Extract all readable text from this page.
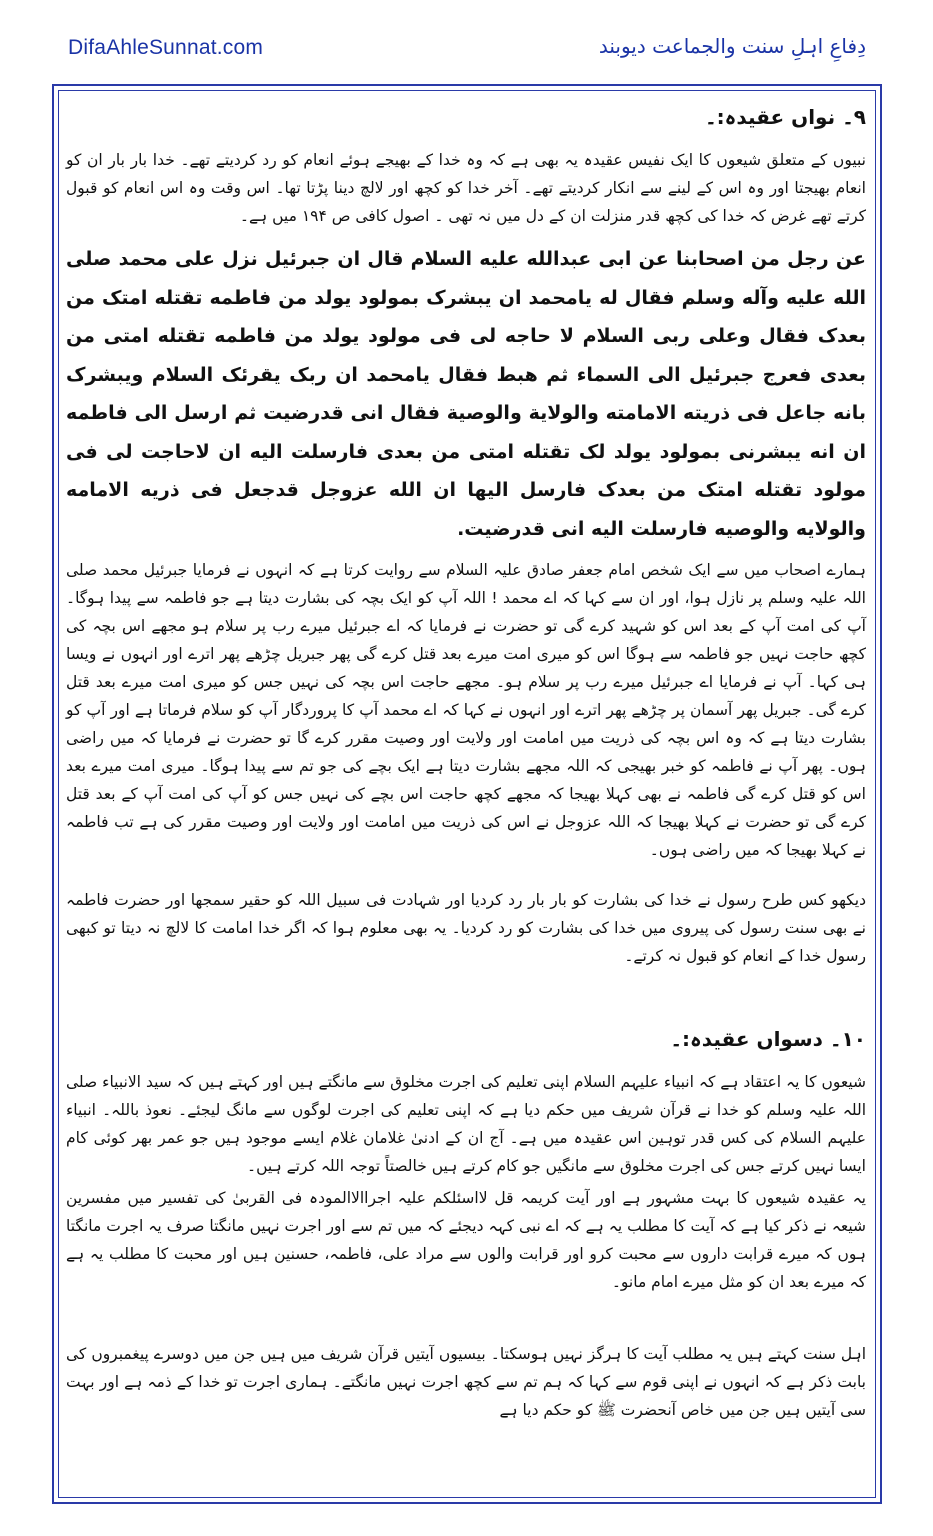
DifaAhleSunnat.com	دِفاعِ اہلِ سنت والجماعت دیوبند
۹۔ نواں عقیدہ:۔

نبیوں کے متعلق شیعوں کا ایک نفیس عقیدہ یہ بھی ہے کہ وہ خدا کے بھیجے ہوئے انعام کو رد کردیتے تھے۔ خدا بار بار ان کو انعام بھیجتا اور وہ اس کے لینے سے انکار کردیتے تھے۔ آخر خدا کو کچھ اور لالچ دینا پڑتا تھا۔ اس وقت وہ اس انعام کو قبول کرتے تھے غرض کہ خدا کی کچھ قدر منزلت ان کے دل میں نہ تھی ۔ اصول کافی ص ۱۹۴ میں ہے۔

عن رجل من اصحابنا عن ابی عبدالله علیه السلام قال ان جبرئیل نزل علی محمد صلی الله علیه وآله وسلم فقال له یامحمد ان یبشرک بمولود یولد من فاطمه تقتله امتک من بعدک فقال وعلی ربی السلام لا حاجه لی فی مولود یولد من فاطمه تقتله امتی من بعدی فعرج جبرئیل الی السماء ثم هبط فقال یامحمد ان ربک یقرئک السلام ویبشرک بانه جاعل فی ذریته الامامته والولایة والوصیة فقال انی قدرضیت ثم ارسل الی فاطمه ان انه یبشرنی بمولود یولد لک تقتله امتی من بعدی فارسلت الیه ان لاحاجت لی فی مولود تقتله امتک من بعدک فارسل الیها ان الله عزوجل قدجعل فی ذریه الامامه والولایه والوصیه فارسلت الیه انی قدرضیت.

ہمارے اصحاب میں سے ایک شخص امام جعفر صادق علیہ السلام سے روایت کرتا ہے کہ انہوں نے فرمایا جبرئیل محمد صلی اللہ علیہ وسلم پر نازل ہوا، اور ان سے کہا کہ اے محمد ! اللہ آپ کو ایک بچہ کی بشارت دیتا ہے جو فاطمہ سے پیدا ہوگا۔ آپ کی امت آپ کے بعد اس کو شہید کرے گی تو حضرت نے فرمایا کہ اے جبرئیل میرے رب پر سلام ہو مجھے اس بچہ کی کچھ حاجت نہیں جو فاطمہ سے ہوگا اس کو میری امت میرے بعد قتل کرے گی پھر جبریل چڑھے پھر اترے اور انہوں نے ویسا ہی کہا۔ آپ نے فرمایا اے جبرئیل میرے رب پر سلام ہو۔ مجھے حاجت اس بچہ کی نہیں جس کو میری امت میرے بعد قتل کرے گی۔ جبریل پھر آسمان پر چڑھے پھر اترے اور انہوں نے کہا کہ اے محمد آپ کا پروردگار آپ کو سلام فرماتا ہے اور آپ کو بشارت دیتا ہے کہ وہ اس بچہ کی ذریت میں امامت اور ولایت اور وصیت مقرر کرے گا تو حضرت نے فرمایا کہ میں راضی ہوں۔ پھر آپ نے فاطمہ کو خبر بھیجی کہ اللہ مجھے بشارت دیتا ہے ایک بچے کی جو تم سے پیدا ہوگا۔ میری امت میرے بعد اس کو قتل کرے گی فاطمہ نے بھی کہلا بھیجا کہ مجھے کچھ حاجت اس بچے کی نہیں جس کو آپ کی امت آپ کے بعد قتل کرے گی تو حضرت نے کہلا بھیجا کہ اللہ عزوجل نے اس کی ذریت میں امامت اور ولایت اور وصیت مقرر کی ہے تب فاطمہ نے کہلا بھیجا کہ میں راضی ہوں۔

دیکھو کس طرح رسول نے خدا کی بشارت کو بار بار رد کردیا اور شہادت فی سبیل اللہ کو حقیر سمجھا اور حضرت فاطمہ نے بھی سنت رسول کی پیروی میں خدا کی بشارت کو رد کردیا۔ یہ بھی معلوم ہوا کہ اگر خدا امامت کا لالچ نہ دیتا تو کبھی رسول خدا کے انعام کو قبول نہ کرتے۔

۱۰۔ دسواں عقیدہ:۔

شیعوں کا یہ اعتقاد ہے کہ انبیاء علیہم السلام اپنی تعلیم کی اجرت مخلوق سے مانگتے ہیں اور کہتے ہیں کہ سید الانبیاء صلی اللہ علیہ وسلم کو خدا نے قرآن شریف میں حکم دیا ہے کہ اپنی تعلیم کی اجرت لوگوں سے مانگ لیجئے۔ نعوذ باللہ۔ انبیاء علیہم السلام کی کس قدر توہین اس عقیدہ میں ہے۔ آج ان کے ادنیٰ غلامان غلام ایسے موجود ہیں جو عمر بھر کوئی کام ایسا نہیں کرتے جس کی اجرت مخلوق سے مانگیں جو کام کرتے ہیں خالصتاً توجہ اللہ کرتے ہیں۔

یہ عقیدہ شیعوں کا بہت مشہور ہے اور آیت کریمہ قل لااسئلکم علیہ اجراالاالمودہ فی القربیٰ کی تفسیر میں مفسرین شیعہ نے ذکر کیا ہے کہ آیت کا مطلب یہ ہے کہ اے نبی کہہ دیجئے کہ میں تم سے اور اجرت نہیں مانگتا صرف یہ اجرت مانگتا ہوں کہ میرے قرابت داروں سے محبت کرو اور قرابت والوں سے مراد علی، فاطمہ، حسنین ہیں اور محبت کا مطلب یہ ہے کہ میرے بعد ان کو مثل میرے امام مانو۔

اہل سنت کہتے ہیں یہ مطلب آیت کا ہرگز نہیں ہوسکتا۔ بیسیوں آیتیں قرآن شریف میں ہیں جن میں دوسرے پیغمبروں کی بابت ذکر ہے کہ انہوں نے اپنی قوم سے کہا کہ ہم تم سے کچھ اجرت نہیں مانگتے۔ ہماری اجرت تو خدا کے ذمہ ہے اور بہت سی آیتیں ہیں جن میں خاص آنحضرت ﷺ کو حکم دیا ہے
